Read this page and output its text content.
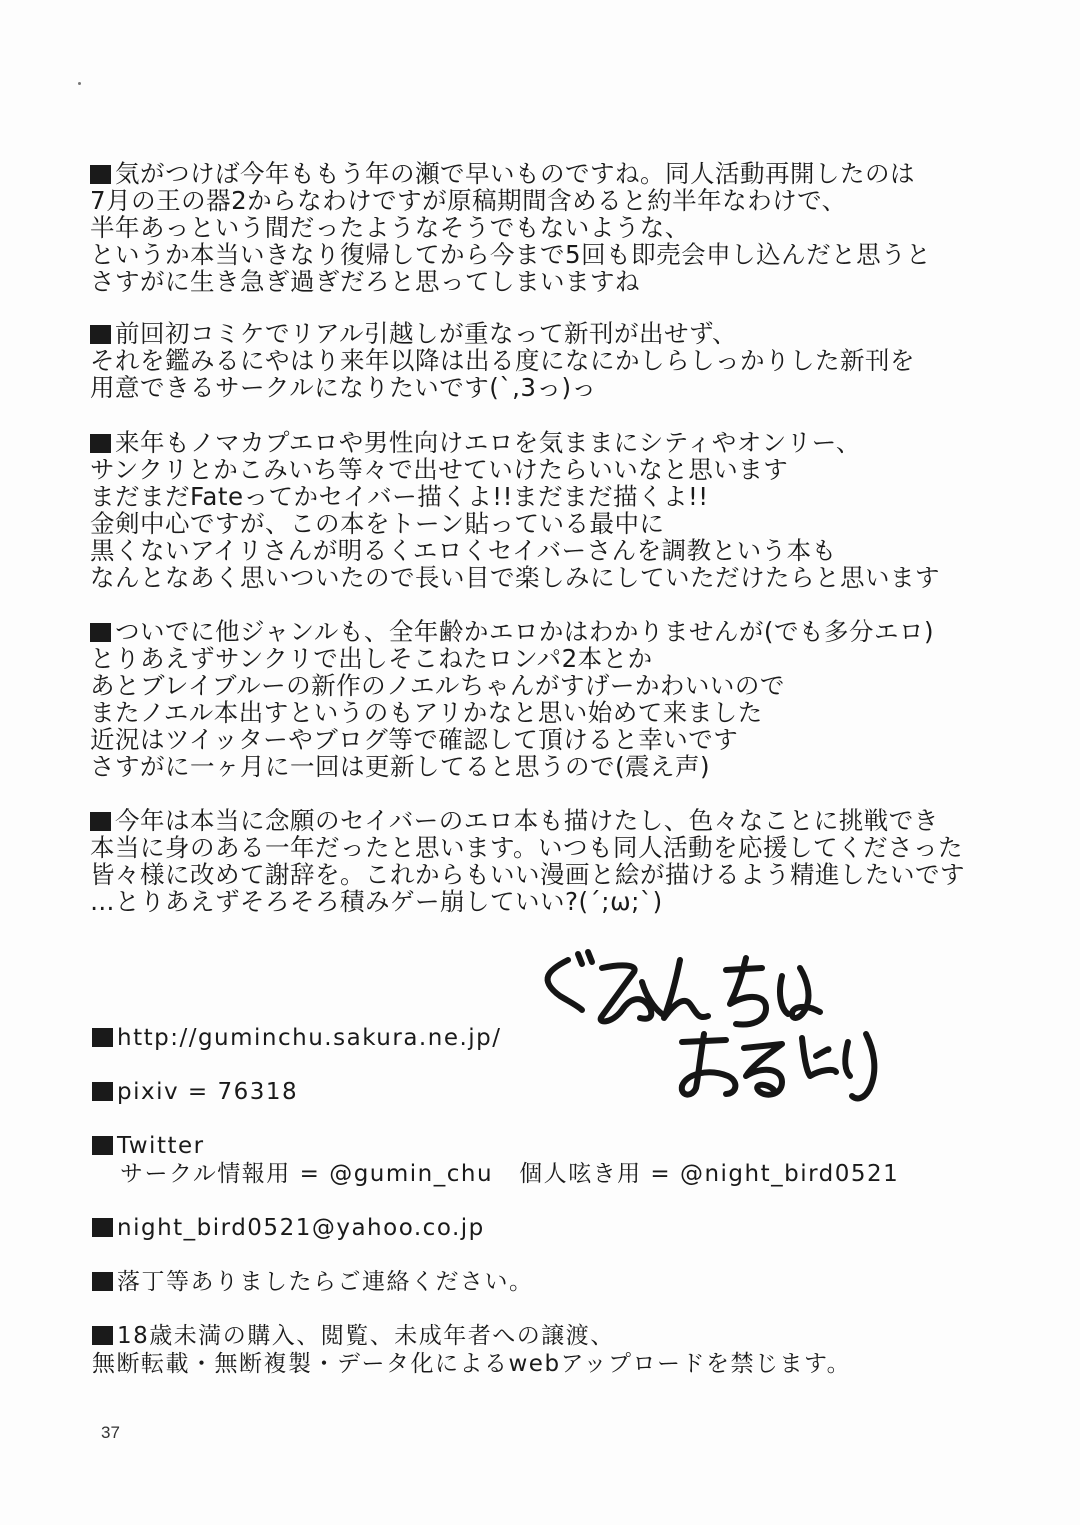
気がつけば今年ももう年の瀬で早いものですね。同人活動再開したのは
7月の王の器2からなわけですが原稿期間含めると約半年なわけで、
半年あっという間だったようなそうでもないような、
というか本当いきなり復帰してから今まで5回も即売会申し込んだと思うと
さすがに生き急ぎ過ぎだろと思ってしまいますね
前回初コミケでリアル引越しが重なって新刊が出せず、
それを鑑みるにやはり来年以降は出る度になにかしらしっかりした新刊を
用意できるサークルになりたいです(`,3っ)っ
来年もノマカプエロや男性向けエロを気ままにシティやオンリー、
サンクリとかこみいち等々で出せていけたらいいなと思います
まだまだFateってかセイバー描くよ!!まだまだ描くよ!!
金剣中心ですが、この本をトーン貼っている最中に
黒くないアイリさんが明るくエロくセイバーさんを調教という本も
なんとなあく思いついたので長い目で楽しみにしていただけたらと思います
ついでに他ジャンルも、全年齢かエロかはわかりませんが(でも多分エロ)
とりあえずサンクリで出しそこねたロンパ2本とか
あとブレイブルーの新作のノエルちゃんがすげーかわいいので
またノエル本出すというのもアリかなと思い始めて来ました
近況はツイッターやブログ等で確認して頂けると幸いです
さすがに一ヶ月に一回は更新してると思うので(震え声)
今年は本当に念願のセイバーのエロ本も描けたし、色々なことに挑戦でき
本当に身のある一年だったと思います。いつも同人活動を応援してくださった
皆々様に改めて謝辞を。これからもいい漫画と絵が描けるよう精進したいです
…とりあえずそろそろ積みゲー崩していい?(´;ω;`)
http://guminchu.sakura.ne.jp/
pixiv = 76318
Twitter
サークル情報用 = @gumin_chu 個人呟き用 = @night_bird0521
night_bird0521@yahoo.co.jp
落丁等ありましたらご連絡ください。
18歳未満の購入、閲覧、未成年者への譲渡、
無断転載・無断複製・データ化によるwebアップロードを禁じます。
37
